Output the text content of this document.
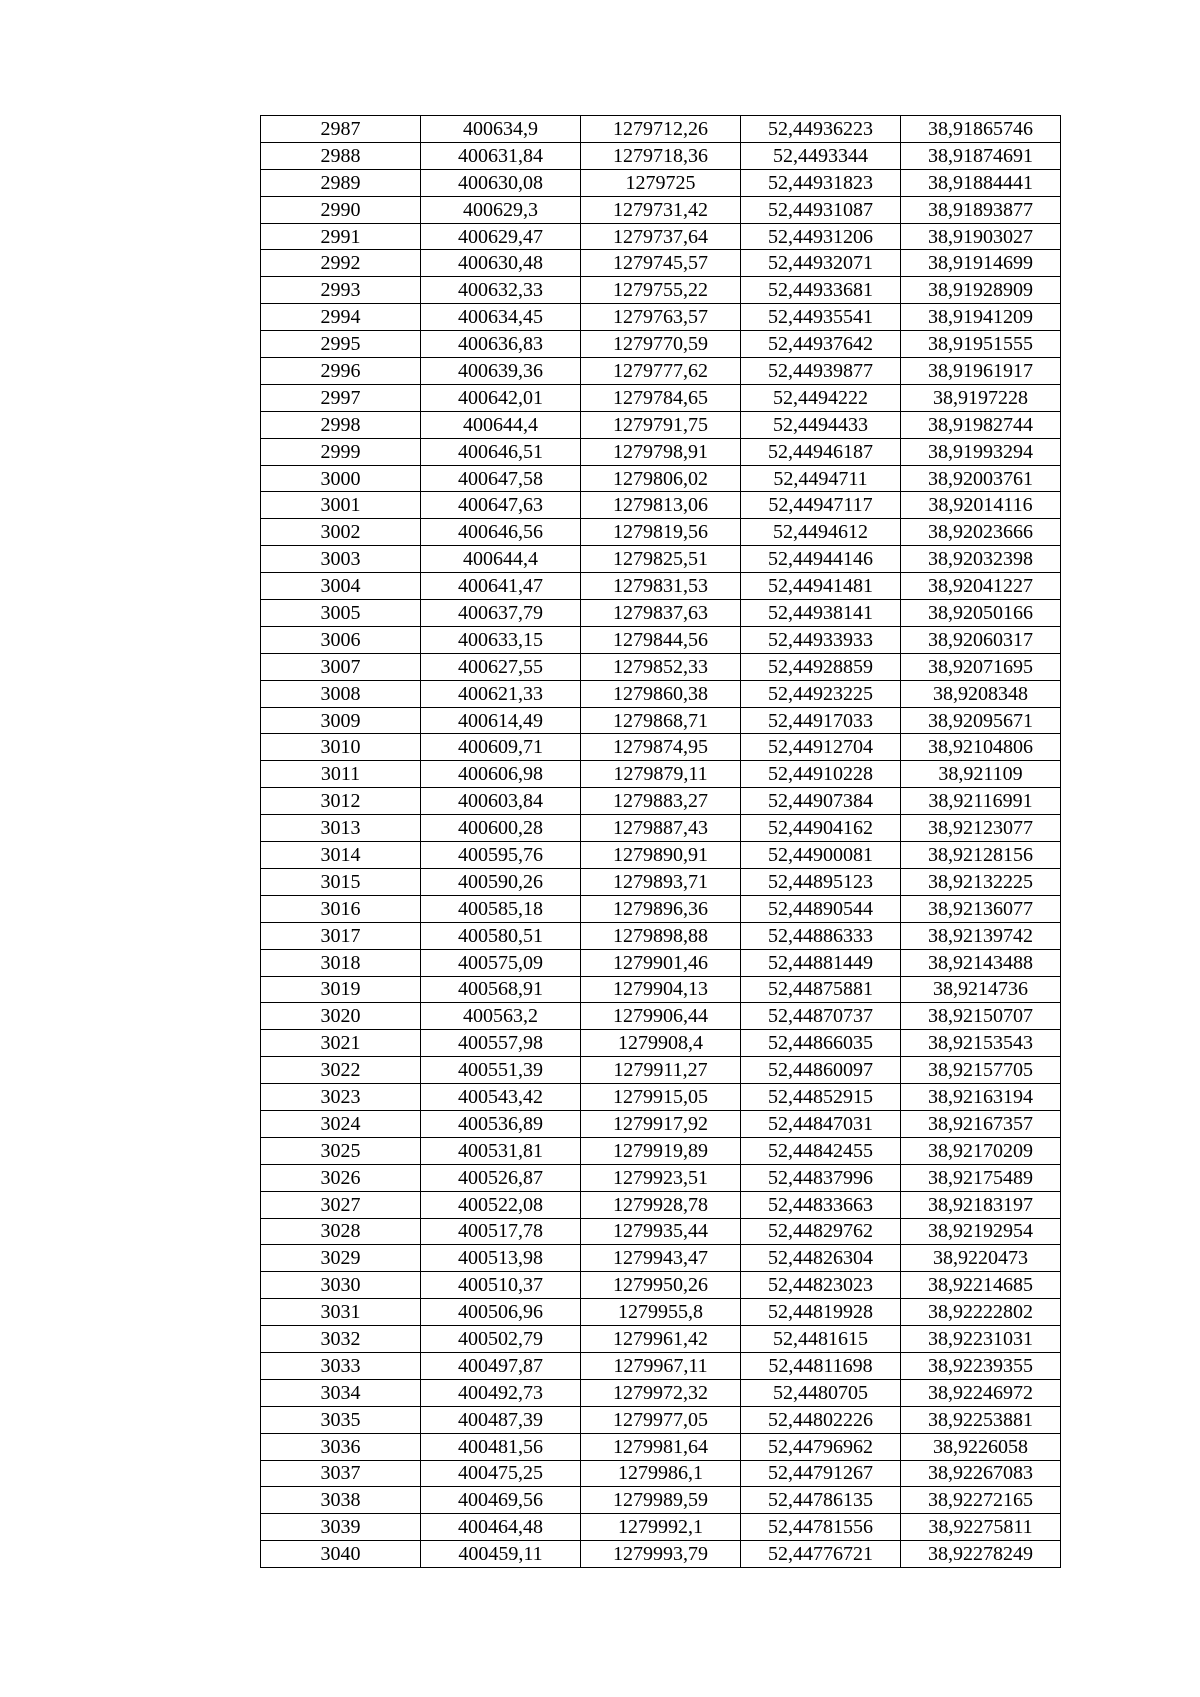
2987	400634,9	1279712,26	52,44936223	38,91865746
2988	400631,84	1279718,36	52,4493344	38,91874691
2989	400630,08	1279725	52,44931823	38,91884441
2990	400629,3	1279731,42	52,44931087	38,91893877
2991	400629,47	1279737,64	52,44931206	38,91903027
2992	400630,48	1279745,57	52,44932071	38,91914699
2993	400632,33	1279755,22	52,44933681	38,91928909
2994	400634,45	1279763,57	52,44935541	38,91941209
2995	400636,83	1279770,59	52,44937642	38,91951555
2996	400639,36	1279777,62	52,44939877	38,91961917
2997	400642,01	1279784,65	52,4494222	38,9197228
2998	400644,4	1279791,75	52,4494433	38,91982744
2999	400646,51	1279798,91	52,44946187	38,91993294
3000	400647,58	1279806,02	52,4494711	38,92003761
3001	400647,63	1279813,06	52,44947117	38,92014116
3002	400646,56	1279819,56	52,4494612	38,92023666
3003	400644,4	1279825,51	52,44944146	38,92032398
3004	400641,47	1279831,53	52,44941481	38,92041227
3005	400637,79	1279837,63	52,44938141	38,92050166
3006	400633,15	1279844,56	52,44933933	38,92060317
3007	400627,55	1279852,33	52,44928859	38,92071695
3008	400621,33	1279860,38	52,44923225	38,9208348
3009	400614,49	1279868,71	52,44917033	38,92095671
3010	400609,71	1279874,95	52,44912704	38,92104806
3011	400606,98	1279879,11	52,44910228	38,921109
3012	400603,84	1279883,27	52,44907384	38,92116991
3013	400600,28	1279887,43	52,44904162	38,92123077
3014	400595,76	1279890,91	52,44900081	38,92128156
3015	400590,26	1279893,71	52,44895123	38,92132225
3016	400585,18	1279896,36	52,44890544	38,92136077
3017	400580,51	1279898,88	52,44886333	38,92139742
3018	400575,09	1279901,46	52,44881449	38,92143488
3019	400568,91	1279904,13	52,44875881	38,9214736
3020	400563,2	1279906,44	52,44870737	38,92150707
3021	400557,98	1279908,4	52,44866035	38,92153543
3022	400551,39	1279911,27	52,44860097	38,92157705
3023	400543,42	1279915,05	52,44852915	38,92163194
3024	400536,89	1279917,92	52,44847031	38,92167357
3025	400531,81	1279919,89	52,44842455	38,92170209
3026	400526,87	1279923,51	52,44837996	38,92175489
3027	400522,08	1279928,78	52,44833663	38,92183197
3028	400517,78	1279935,44	52,44829762	38,92192954
3029	400513,98	1279943,47	52,44826304	38,9220473
3030	400510,37	1279950,26	52,44823023	38,92214685
3031	400506,96	1279955,8	52,44819928	38,92222802
3032	400502,79	1279961,42	52,4481615	38,92231031
3033	400497,87	1279967,11	52,44811698	38,92239355
3034	400492,73	1279972,32	52,4480705	38,92246972
3035	400487,39	1279977,05	52,44802226	38,92253881
3036	400481,56	1279981,64	52,44796962	38,9226058
3037	400475,25	1279986,1	52,44791267	38,92267083
3038	400469,56	1279989,59	52,44786135	38,92272165
3039	400464,48	1279992,1	52,44781556	38,92275811
3040	400459,11	1279993,79	52,44776721	38,92278249
